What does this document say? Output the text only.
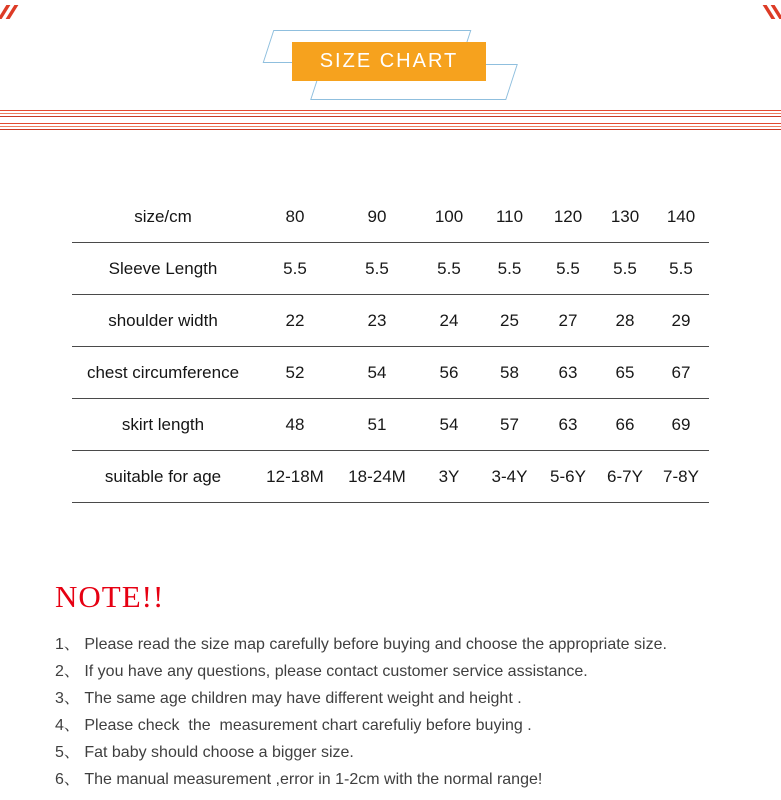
SIZE CHART
size/cm	80	90	100	110	120	130	140
Sleeve Length	5.5	5.5	5.5	5.5	5.5	5.5	5.5
shoulder width	22	23	24	25	27	28	29
chest circumference	52	54	56	58	63	65	67
skirt length	48	51	54	57	63	66	69
suitable for age	12-18M	18-24M	3Y	3-4Y	5-6Y	6-7Y	7-8Y
NOTE!!
1、 Please read the size map carefully before buying and choose the appropriate size.
2、 If you have any questions, please contact customer service assistance.
3、 The same age children may have different weight and height .
4、 Please check  the  measurement chart carefuliy before buying .
5、 Fat baby should choose a bigger size.
6、 The manual measurement ,error in 1-2cm with the normal range!
